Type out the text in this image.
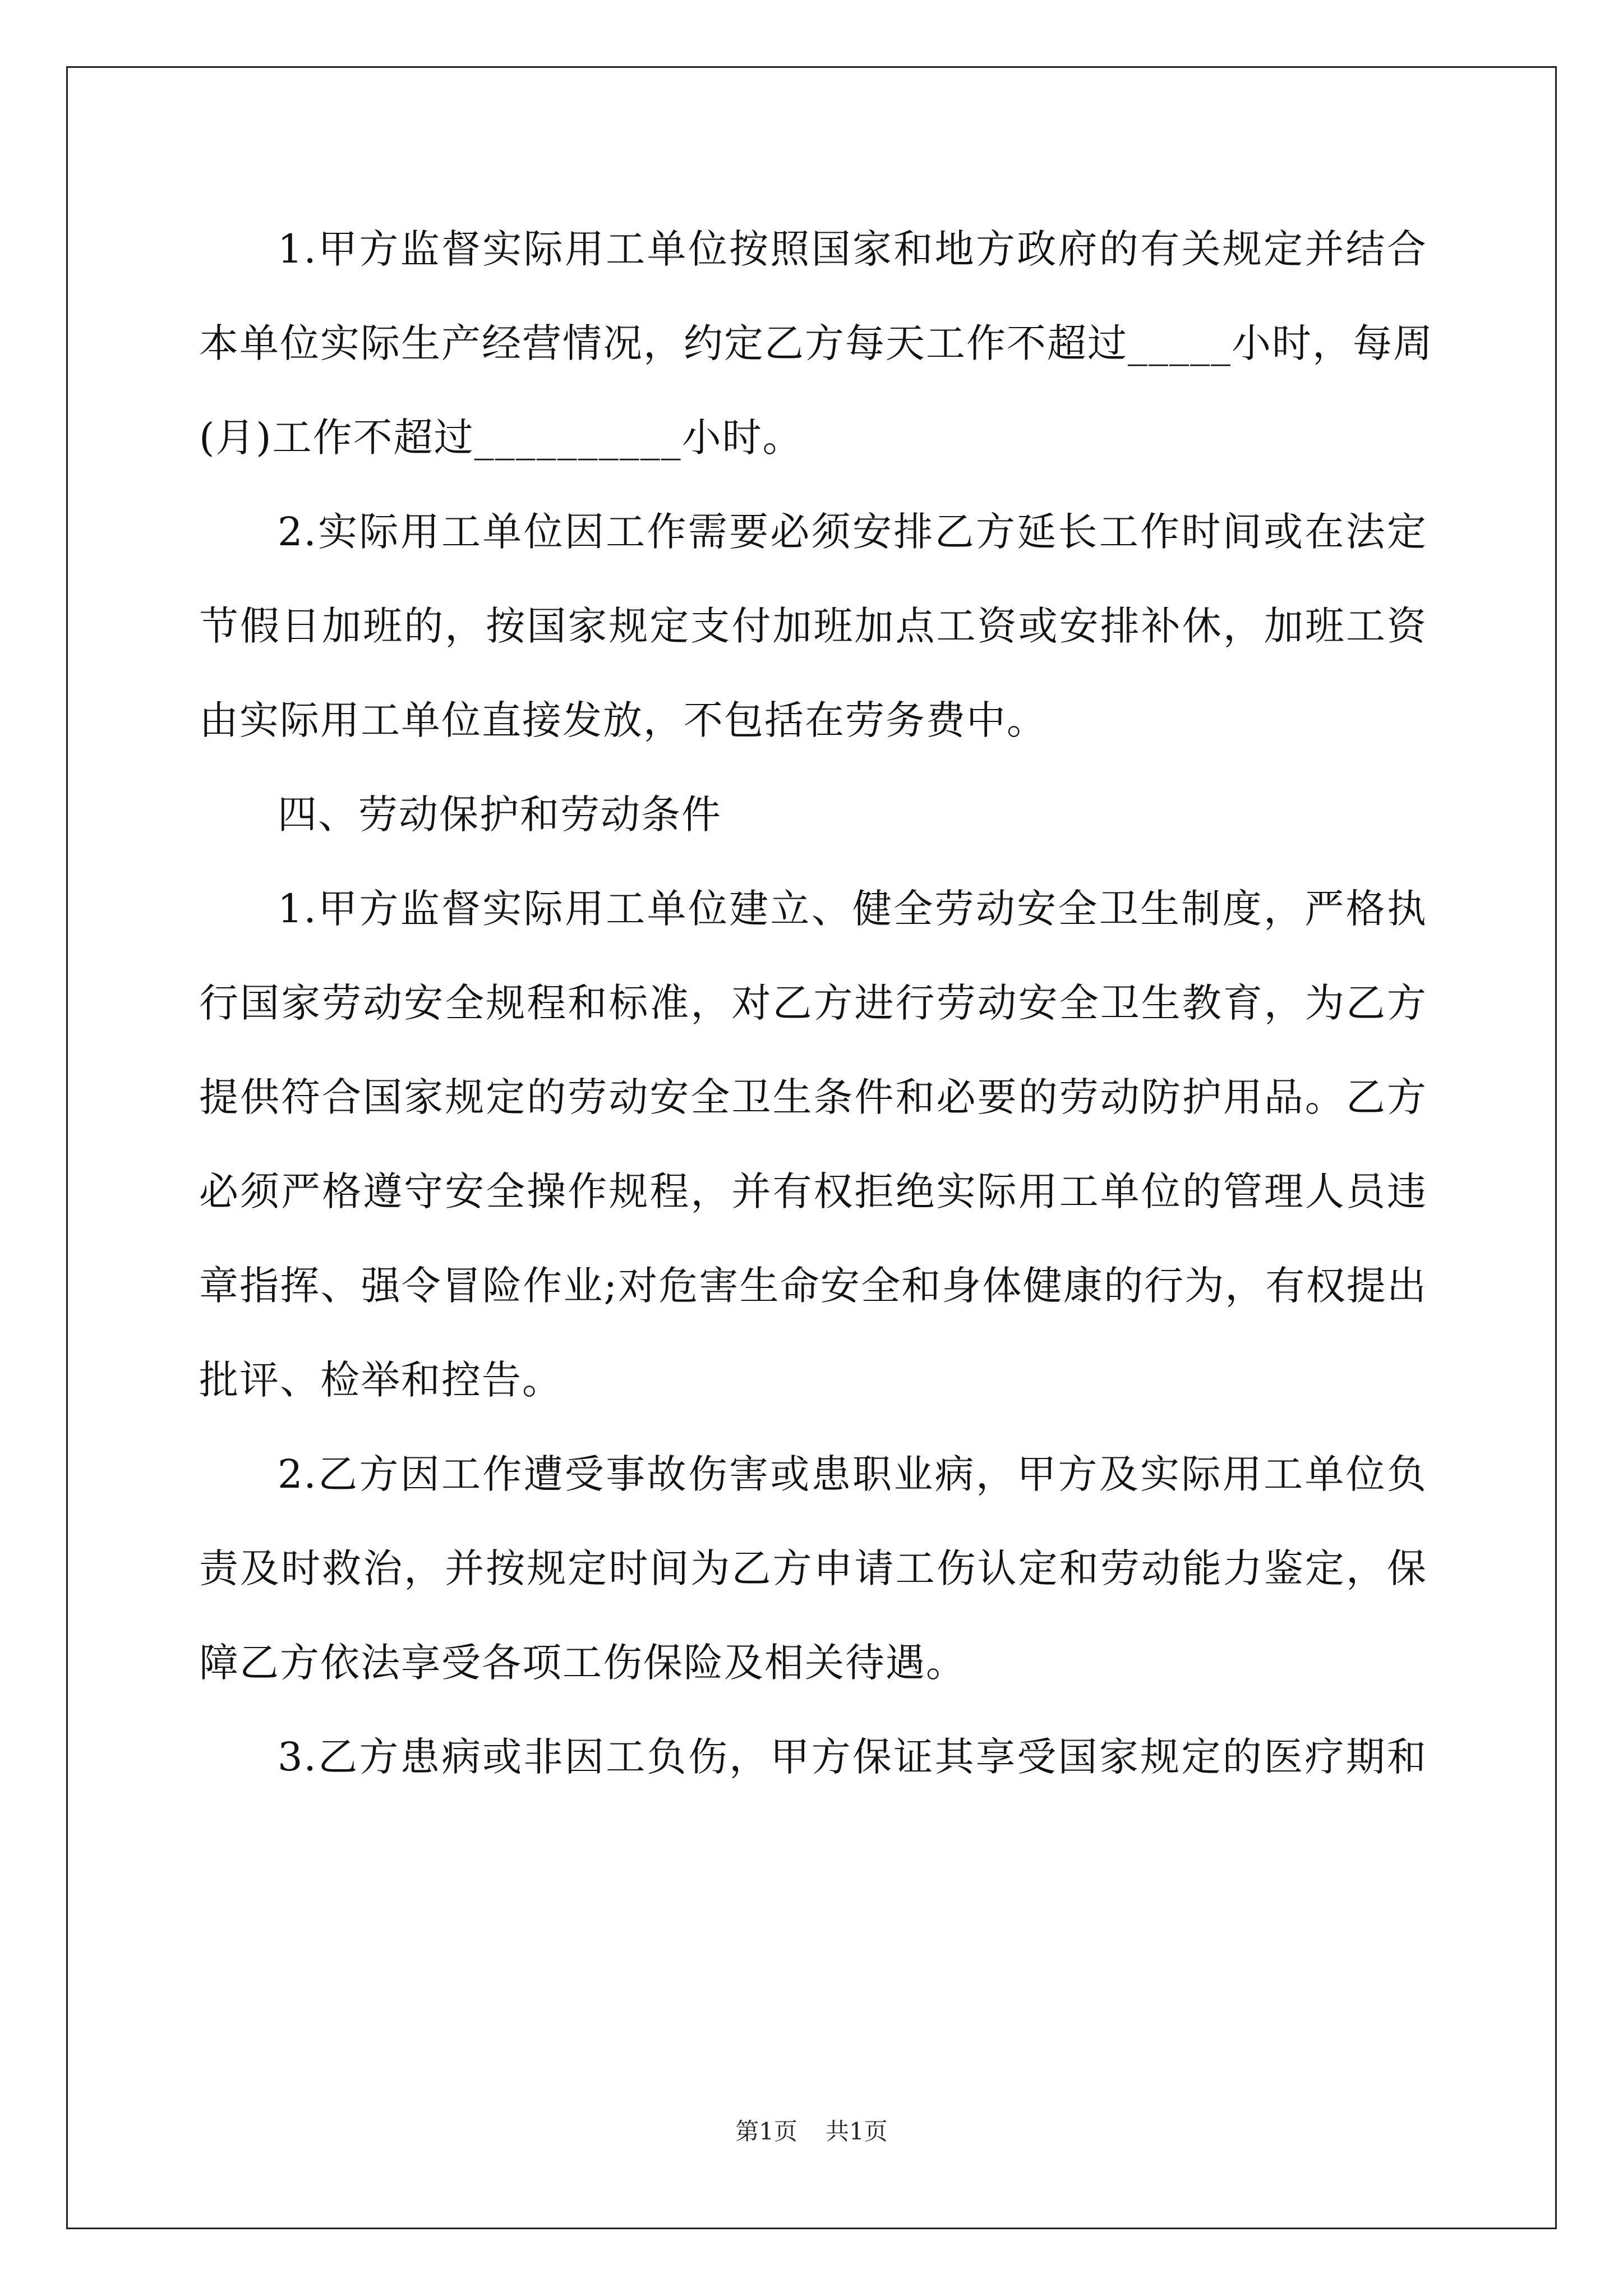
1.甲方监督实际用工单位按照国家和地方政府的有关规定并结合
本单位实际生产经营情况，约定乙方每天工作不超过_____小时，每周
(月)工作不超过__________小时。
2.实际用工单位因工作需要必须安排乙方延长工作时间或在法定
节假日加班的，按国家规定支付加班加点工资或安排补休，加班工资
由实际用工单位直接发放，不包括在劳务费中。
四、劳动保护和劳动条件
1.甲方监督实际用工单位建立、健全劳动安全卫生制度，严格执
行国家劳动安全规程和标准，对乙方进行劳动安全卫生教育，为乙方
提供符合国家规定的劳动安全卫生条件和必要的劳动防护用品。乙方
必须严格遵守安全操作规程，并有权拒绝实际用工单位的管理人员违
章指挥、强令冒险作业;对危害生命安全和身体健康的行为，有权提出
批评、检举和控告。
2.乙方因工作遭受事故伤害或患职业病，甲方及实际用工单位负
责及时救治，并按规定时间为乙方申请工伤认定和劳动能力鉴定，保
障乙方依法享受各项工伤保险及相关待遇。
3.乙方患病或非因工负伤，甲方保证其享受国家规定的医疗期和
第1页 共1页
